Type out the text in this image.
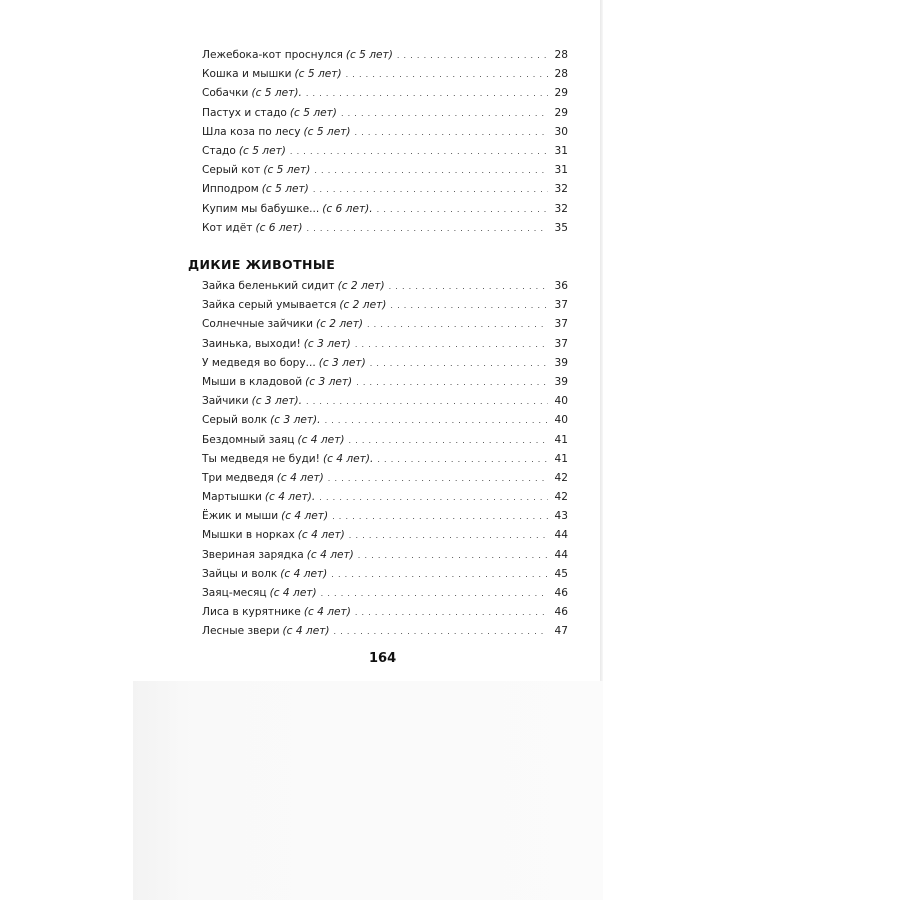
Лежебока-кот проснулся (с 5 лет) . . .	28
Кошка и мышки (с 5 лет) . . .	28
Собачки (с 5 лет). . . .	29
Пастух и стадо (с 5 лет) . . .	29
Шла коза по лесу (с 5 лет) . . .	30
Стадо (с 5 лет) . . .	31
Серый кот (с 5 лет) . . .	31
Ипподром (с 5 лет) . . .	32
Купим мы бабушке... (с 6 лет). . . .	32
Кот идёт (с 6 лет) . . .	35
ДИКИЕ ЖИВОТНЫЕ
Зайка беленький сидит (с 2 лет) . . .	36
Зайка серый умывается (с 2 лет) . . .	37
Солнечные зайчики (с 2 лет) . . .	37
Заинька, выходи! (с 3 лет) . . .	37
У медведя во бору... (с 3 лет) . . .	39
Мыши в кладовой (с 3 лет) . . .	39
Зайчики (с 3 лет). . . .	40
Серый волк (с 3 лет). . . .	40
Бездомный заяц (с 4 лет) . . .	41
Ты медведя не буди! (с 4 лет). . . .	41
Три медведя (с 4 лет) . . .	42
Мартышки (с 4 лет). . . .	42
Ёжик и мыши (с 4 лет) . . .	43
Мышки в норках (с 4 лет) . . .	44
Звериная зарядка (с 4 лет) . . .	44
Зайцы и волк (с 4 лет) . . .	45
Заяц-месяц (с 4 лет) . . .	46
Лиса в курятнике (с 4 лет) . . .	46
Лесные звери (с 4 лет) . . .	47
164
